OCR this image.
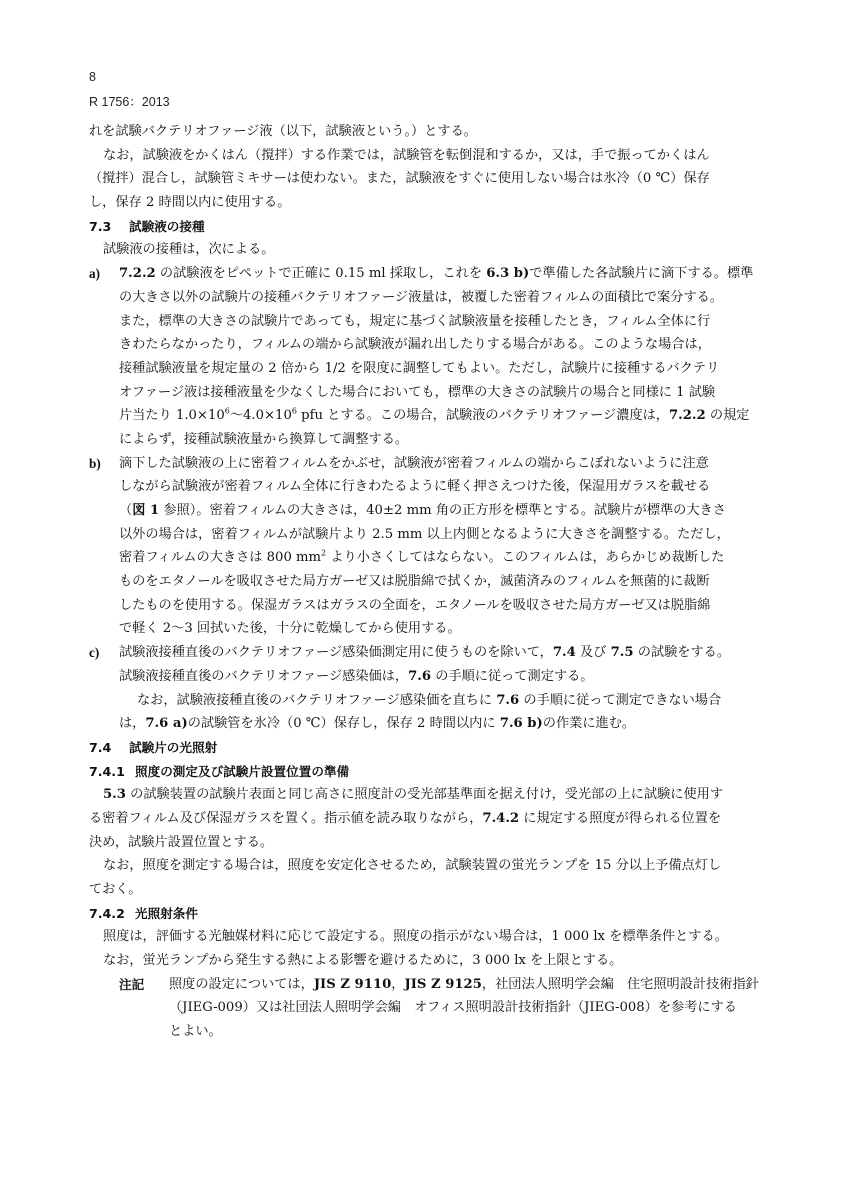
8
R 1756：2013
れを試験バクテリオファージ液（以下，試験液という。）とする。
なお，試験液をかくはん（撹拌）する作業では，試験管を転倒混和するか，又は，手で振ってかくはん
（撹拌）混合し，試験管ミキサーは使わない。また，試験液をすぐに使用しない場合は氷冷（0 ℃）保存
し，保存 2 時間以内に使用する。
7.3 試験液の接種
試験液の接種は，次による。
a) 7.2.2 の試験液をピペットで正確に 0.15 ml 採取し，これを 6.3 b)で準備した各試験片に滴下する。標準
の大きさ以外の試験片の接種バクテリオファージ液量は，被覆した密着フィルムの面積比で案分する。
また，標準の大きさの試験片であっても，規定に基づく試験液量を接種したとき，フィルム全体に行
きわたらなかったり，フィルムの端から試験液が漏れ出したりする場合がある。このような場合は，
接種試験液量を規定量の 2 倍から 1/2 を限度に調整してもよい。ただし，試験片に接種するバクテリ
オファージ液は接種液量を少なくした場合においても，標準の大きさの試験片の場合と同様に 1 試験
片当たり $1.0\times 10^6\sim 4.0\times 10^6$ pfu とする。この場合，試験液のバクテリオファージ濃度は，7.2.2 の規定
によらず，接種試験液量から換算して調整する。
b) 滴下した試験液の上に密着フィルムをかぶせ，試験液が密着フィルムの端からこぼれないように注意
しながら試験液が密着フィルム全体に行きわたるように軽く押さえつけた後，保湿用ガラスを載せる
（図 1 参照）。密着フィルムの大きさは，40±2 mm 角の正方形を標準とする。試験片が標準の大きさ
以外の場合は，密着フィルムが試験片より 2.5 mm 以上内側となるように大きさを調整する。ただし，
密着フィルムの大きさは 800 $mm^2$ より小さくしてはならない。このフィルムは，あらかじめ裁断した
ものをエタノールを吸収させた局方ガーゼ又は脱脂綿で拭くか，滅菌済みのフィルムを無菌的に裁断
したものを使用する。保湿ガラスはガラスの全面を，エタノールを吸収させた局方ガーゼ又は脱脂綿
で軽く 2～3 回拭いた後，十分に乾燥してから使用する。
c) 試験液接種直後のバクテリオファージ感染価測定用に使うものを除いて，7.4 及び 7.5 の試験をする。
試験液接種直後のバクテリオファージ感染価は，7.6 の手順に従って測定する。
なお，試験液接種直後のバクテリオファージ感染価を直ちに 7.6 の手順に従って測定できない場合
は，7.6 a)の試験管を氷冷（0 ℃）保存し，保存 2 時間以内に 7.6 b)の作業に進む。
7.4 試験片の光照射
7.4.1 照度の測定及び試験片設置位置の準備
5.3 の試験装置の試験片表面と同じ高さに照度計の受光部基準面を据え付け，受光部の上に試験に使用す
る密着フィルム及び保湿ガラスを置く。指示値を読み取りながら，7.4.2 に規定する照度が得られる位置を
決め，試験片設置位置とする。
なお，照度を測定する場合は，照度を安定化させるため，試験装置の蛍光ランプを 15 分以上予備点灯し
ておく。
7.4.2 光照射条件
照度は，評価する光触媒材料に応じて設定する。照度の指示がない場合は，1 000 lx を標準条件とする。
なお，蛍光ランプから発生する熱による影響を避けるために，3 000 lx を上限とする。
注記 照度の設定については，JIS Z 9110，JIS Z 9125，社団法人照明学会編　住宅照明設計技術指針
（JIEG-009）又は社団法人照明学会編　オフィス照明設計技術指針（JIEG-008）を参考にする
とよい。
